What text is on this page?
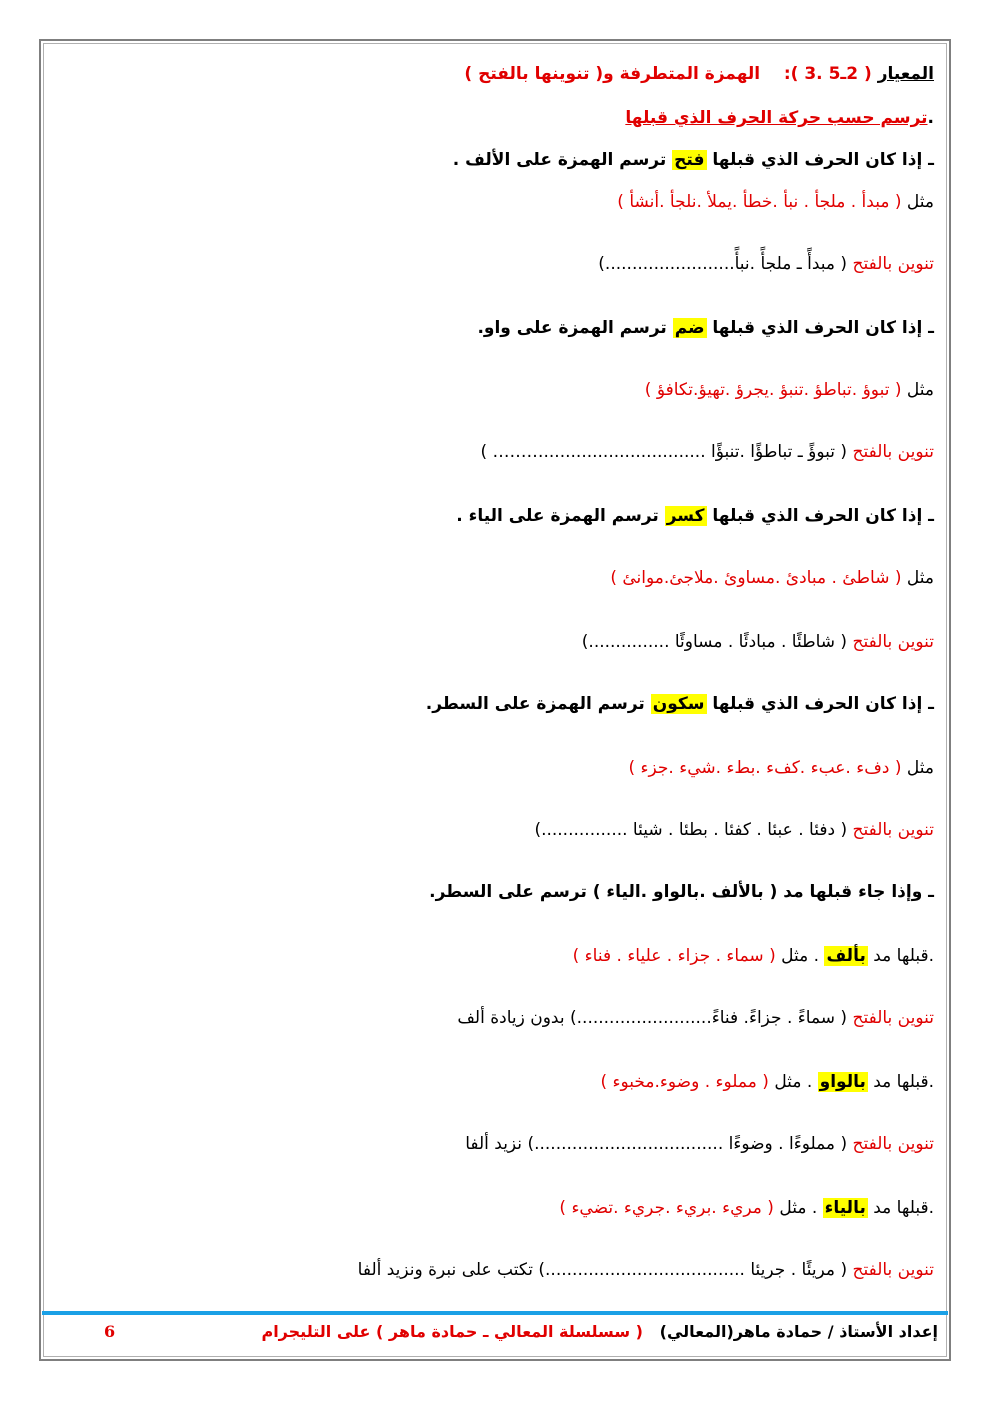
المعيار ( 2ـ5 .3 ):    الهمزة المتطرفة و( تنوينها بالفتح )
.ترسم حسب حركة الحرف الذي قبلها
ـ إذا كان الحرف الذي قبلها فتح ترسم الهمزة على الألف .
مثل ( مبدأ . ملجأ . نبأ .خطأ .يملأ .نلجأ .أنشأ )
تنوين بالفتح ( مبدأً ـ ملجأً .نبأً........................)
ـ إذا كان الحرف الذي قبلها ضم ترسم الهمزة على واو.
مثل ( تبوؤ .تباطؤ .تنبؤ .يجرؤ .تهيؤ.تكافؤ )
تنوين بالفتح ( تبوؤً ـ تباطؤًا .تنبؤًا ..............................……… )
ـ إذا كان الحرف الذي قبلها كسر ترسم الهمزة على الياء .
مثل ( شاطئ . مبادئ .مساوئ .ملاجئ.موانئ )
تنوين بالفتح ( شاطئًا . مبادئًا . مساوئًا ...............)
ـ إذا كان الحرف الذي قبلها سكون ترسم الهمزة على السطر.
مثل ( دفء .عبء .كفء .بطء .شيء .جزء )
تنوين بالفتح ( دفئا . عبئا . كفئا . بطئا . شيئا ................)
ـ وإذا جاء قبلها مد ( بالألف .بالواو .الياء ) ترسم على السطر.
.قبلها مد بألف . مثل ( سماء . جزاء . علياء . فناء )
تنوين بالفتح ( سماءً . جزاءً. فناءً.........................) بدون زيادة ألف
.قبلها مد بالواو . مثل ( مملوء . وضوء.مخبوء )
تنوين بالفتح ( مملوءًا . وضوءًا ...................................) نزيد ألفا
.قبلها مد بالياء . مثل ( مريء .بريء .جريء .تضيء )
تنوين بالفتح ( مريئًا . جريئا .....................................) تكتب على نبرة ونزيد ألفا
إعداد الأستاذ / حمادة ماهر(المعالي)   ( سسلسلة المعالي ـ حمادة ماهر ) على التليجرام
6
